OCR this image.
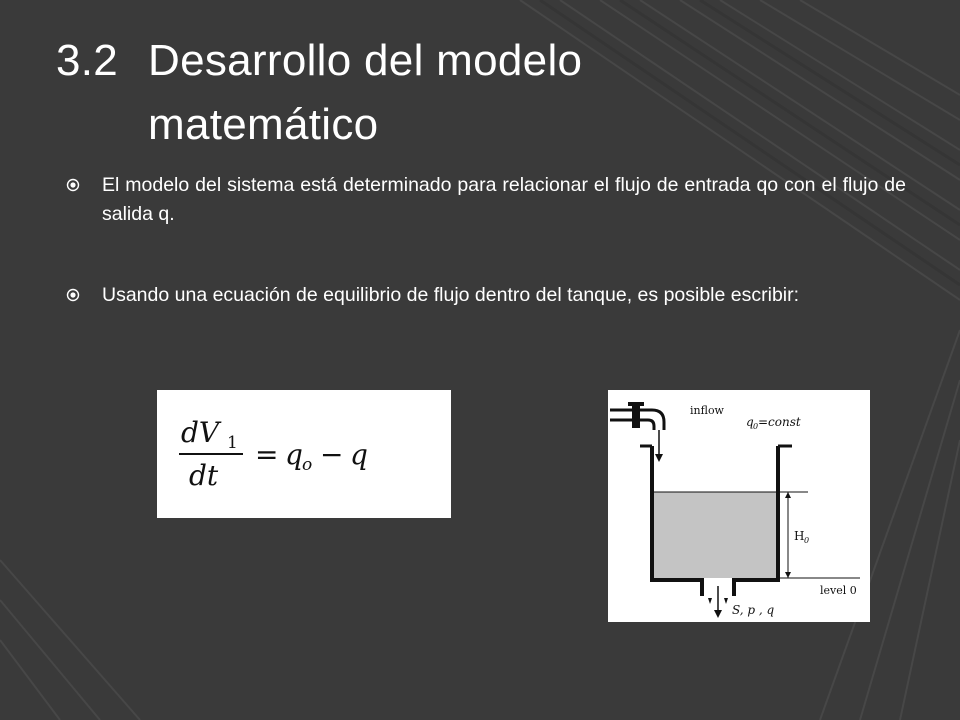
3.2 Desarrollo del modelo
matemático
El modelo del sistema está determinado para relacionar el flujo de entrada qo con el flujo de salida q.
Usando una ecuación de equilibrio de flujo dentro del tanque, es posible escribir:
dV 1
dt
= q o − q
inflow
q 0 =const
H 0
level 0
S, p , q
